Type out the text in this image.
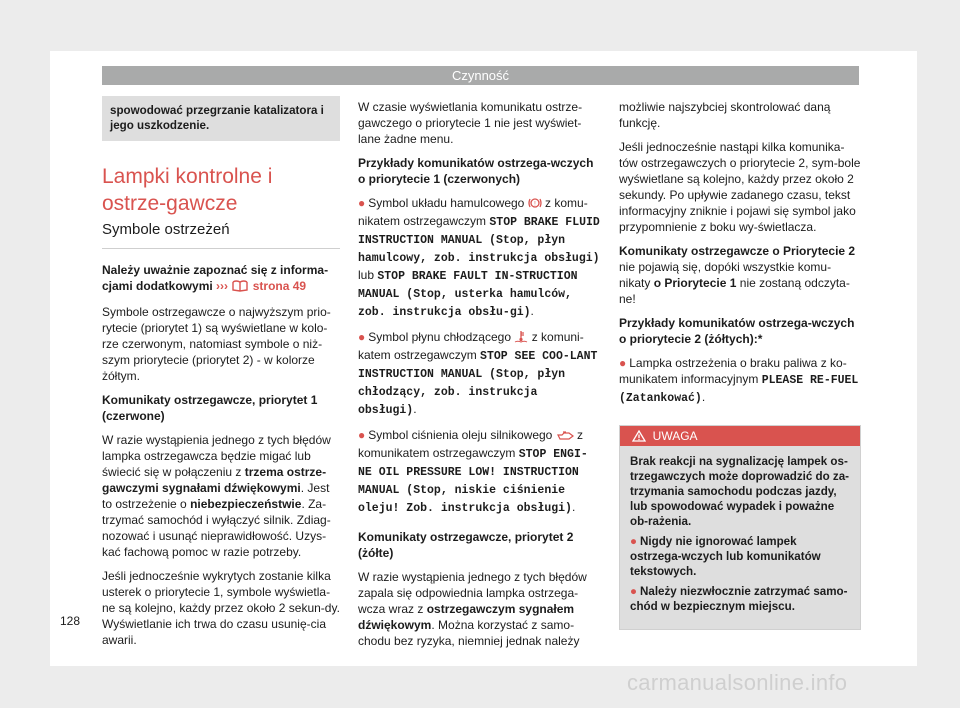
Czynność
spowodować przegrzanie katalizatora i jego uszkodzenie.
Lampki kontrolne i ostrze-gawcze
Symbole ostrzeżeń

Należy uważnie zapoznać się z informa-cjami dodatkowymi ››› strona 49

Symbole ostrzegawcze o najwyższym prio-rytecie (priorytet 1) są wyświetlane w kolo-rze czerwonym, natomiast symbole o niż-szym priorytecie (priorytet 2) - w kolorze żółtym.

Komunikaty ostrzegawcze, priorytet 1 (czerwone)

W razie wystąpienia jednego z tych błędów lampka ostrzegawcza będzie migać lub świecić się w połączeniu z trzema ostrze-gawczymi sygnałami dźwiękowymi. Jest to ostrzeżenie o niebezpieczeństwie. Za-trzymać samochód i wyłączyć silnik. Zdiag-nozować i usunąć nieprawidłowość. Uzys-kać fachową pomoc w razie potrzeby.

Jeśli jednocześnie wykrytych zostanie kilka usterek o priorytecie 1, symbole wyświetla-ne są kolejno, każdy przez około 2 sekun-dy. Wyświetlanie ich trwa do czasu usunię-cia awarii.

W czasie wyświetlania komunikatu ostrze-gawczego o priorytecie 1 nie jest wyświet-lane żadne menu.

Przykłady komunikatów ostrzega-wczych o priorytecie 1 (czerwonych)

● Symbol układu hamulcowego ! z komu-nikatem ostrzegawczym STOP BRAKE FLUID INSTRUCTION MANUAL (Stop, płyn hamulcowy, zob. instrukcja obsługi) lub STOP BRAKE FAULT IN-STRUCTION MANUAL (Stop, usterka hamulców, zob. instrukcja obsłu-gi).

● Symbol płynu chłodzącego z komuni-katem ostrzegawczym STOP SEE COO-LANT INSTRUCTION MANUAL (Stop, płyn chłodzący, zob. instrukcja obsługi).

● Symbol ciśnienia oleju silnikowego z komunikatem ostrzegawczym STOP ENGI-NE OIL PRESSURE LOW! INSTRUCTION MANUAL (Stop, niskie ciśnienie oleju! Zob. instrukcja obsługi).

Komunikaty ostrzegawcze, priorytet 2 (żółte)

W razie wystąpienia jednego z tych błędów zapala się odpowiednia lampka ostrzega-wcza wraz z ostrzegawczym sygnałem dźwiękowym. Można korzystać z samo-chodu bez ryzyka, niemniej jednak należy

możliwie najszybciej skontrolować daną funkcję.

Jeśli jednocześnie nastąpi kilka komunika-tów ostrzegawczych o priorytecie 2, sym-bole wyświetlane są kolejno, każdy przez około 2 sekundy. Po upływie zadanego czasu, tekst informacyjny zniknie i pojawi się symbol jako przypomnienie z boku wy-świetlacza.

Komunikaty ostrzegawcze o Priorytecie 2 nie pojawią się, dopóki wszystkie komu-nikaty o Priorytecie 1 nie zostaną odczyta-ne!

Przykłady komunikatów ostrzega-wczych o priorytecie 2 (żółtych):*

● Lampka ostrzeżenia o braku paliwa z ko-munikatem informacyjnym PLEASE RE-FUEL (Zatankować).

UWAGA

Brak reakcji na sygnalizację lampek os-trzegawczych może doprowadzić do za-trzymania samochodu podczas jazdy, lub spowodować wypadek i poważne ob-rażenia.

● Nigdy nie ignorować lampek ostrzega-wczych lub komunikatów tekstowych.

● Należy niezwłocznie zatrzymać samo-chód w bezpiecznym miejscu.

128
carmanualsonline.info
